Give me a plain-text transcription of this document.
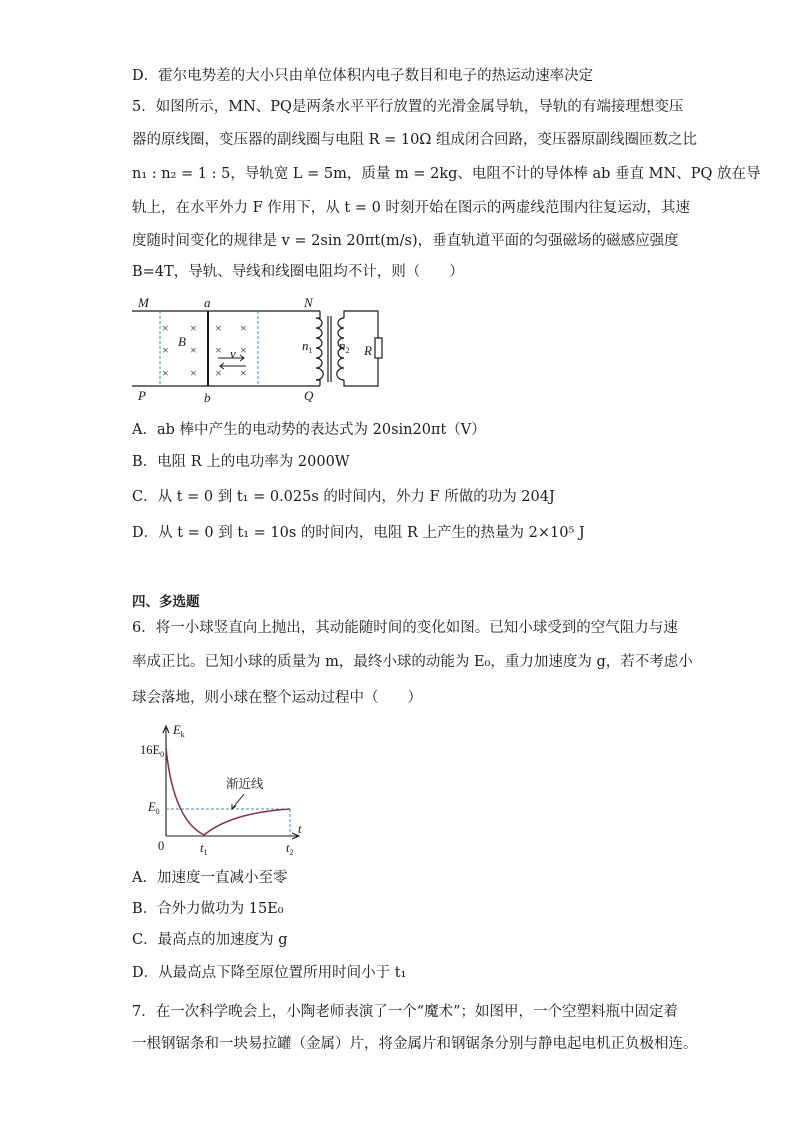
D．霍尔电势差的大小只由单位体积内电子数目和电子的热运动速率决定
5．如图所示，MN、PQ是两条水平平行放置的光滑金属导轨，导轨的有端接理想变压
器的原线圈，变压器的副线圈与电阻 R = 10Ω 组成闭合回路，变压器原副线圈匝数之比
n₁ : n₂ = 1 : 5，导轨宽 L = 5m，质量 m = 2kg、电阻不计的导体棒 ab 垂直 MN、PQ 放在导
轨上，在水平外力 F 作用下，从 t = 0 时刻开始在图示的两虚线范围内往复运动，其速
度随时间变化的规律是 v = 2sin 20πt(m/s)，垂直轨道平面的匀强磁场的磁感应强度
B=4T，导轨、导线和线圈电阻均不计，则（　　）
M	a	N
P	b	Q
B
v	R
$n_1$ $n_2$
× × × ×
× × × ×
× × × ×
A．ab 棒中产生的电动势的表达式为 20sin20πt（V）
B．电阻 R 上的电功率为 2000W
C．从 t = 0 到 t₁ = 0.025s 的时间内，外力 F 所做的功为 204J
D．从 t = 0 到 t₁ = 10s 的时间内，电阻 R 上产生的热量为 2×10⁵ J
四、多选题
6．将一小球竖直向上抛出，其动能随时间的变化如图。已知小球受到的空气阻力与速
率成正比。已知小球的质量为 m，最终小球的动能为 E₀，重力加速度为 g，若不考虑小
球会落地，则小球在整个运动过程中（　　）
$E_k$
$16E_0$
$E_0$
0
t
$t_1$	$t_2$
渐近线
A．加速度一直减小至零
B．合外力做功为 15E₀
C．最高点的加速度为 g
D．从最高点下降至原位置所用时间小于 t₁
7．在一次科学晚会上，小陶老师表演了一个“魔术”；如图甲，一个空塑料瓶中固定着
一根钢锯条和一块易拉罐（金属）片，将金属片和钢锯条分别与静电起电机正负极相连。
